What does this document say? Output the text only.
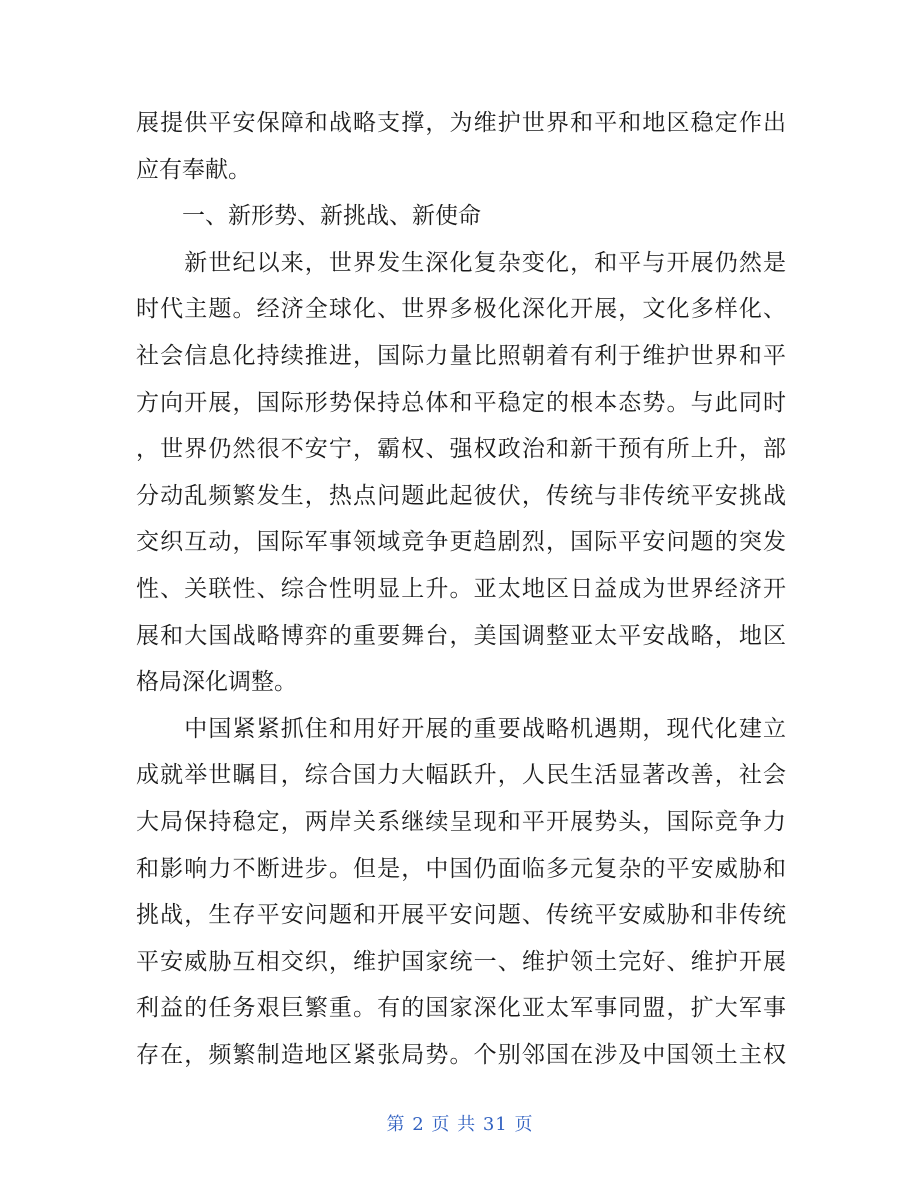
展提供平安保障和战略支撑，为维护世界和平和地区稳定作出
应有奉献。
　　一、新形势、新挑战、新使命
　　新世纪以来，世界发生深化复杂变化，和平与开展仍然是
时代主题。经济全球化、世界多极化深化开展，文化多样化、
社会信息化持续推进，国际力量比照朝着有利于维护世界和平
方向开展，国际形势保持总体和平稳定的根本态势。与此同时
，世界仍然很不安宁，霸权、强权政治和新干预有所上升，部
分动乱频繁发生，热点问题此起彼伏，传统与非传统平安挑战
交织互动，国际军事领域竞争更趋剧烈，国际平安问题的突发
性、关联性、综合性明显上升。亚太地区日益成为世界经济开
展和大国战略博弈的重要舞台，美国调整亚太平安战略，地区
格局深化调整。
　　中国紧紧抓住和用好开展的重要战略机遇期，现代化建立
成就举世瞩目，综合国力大幅跃升，人民生活显著改善，社会
大局保持稳定，两岸关系继续呈现和平开展势头，国际竞争力
和影响力不断进步。但是，中国仍面临多元复杂的平安威胁和
挑战，生存平安问题和开展平安问题、传统平安威胁和非传统
平安威胁互相交织，维护国家统一、维护领土完好、维护开展
利益的任务艰巨繁重。有的国家深化亚太军事同盟，扩大军事
存在，频繁制造地区紧张局势。个别邻国在涉及中国领土主权
第 2 页 共 31 页
